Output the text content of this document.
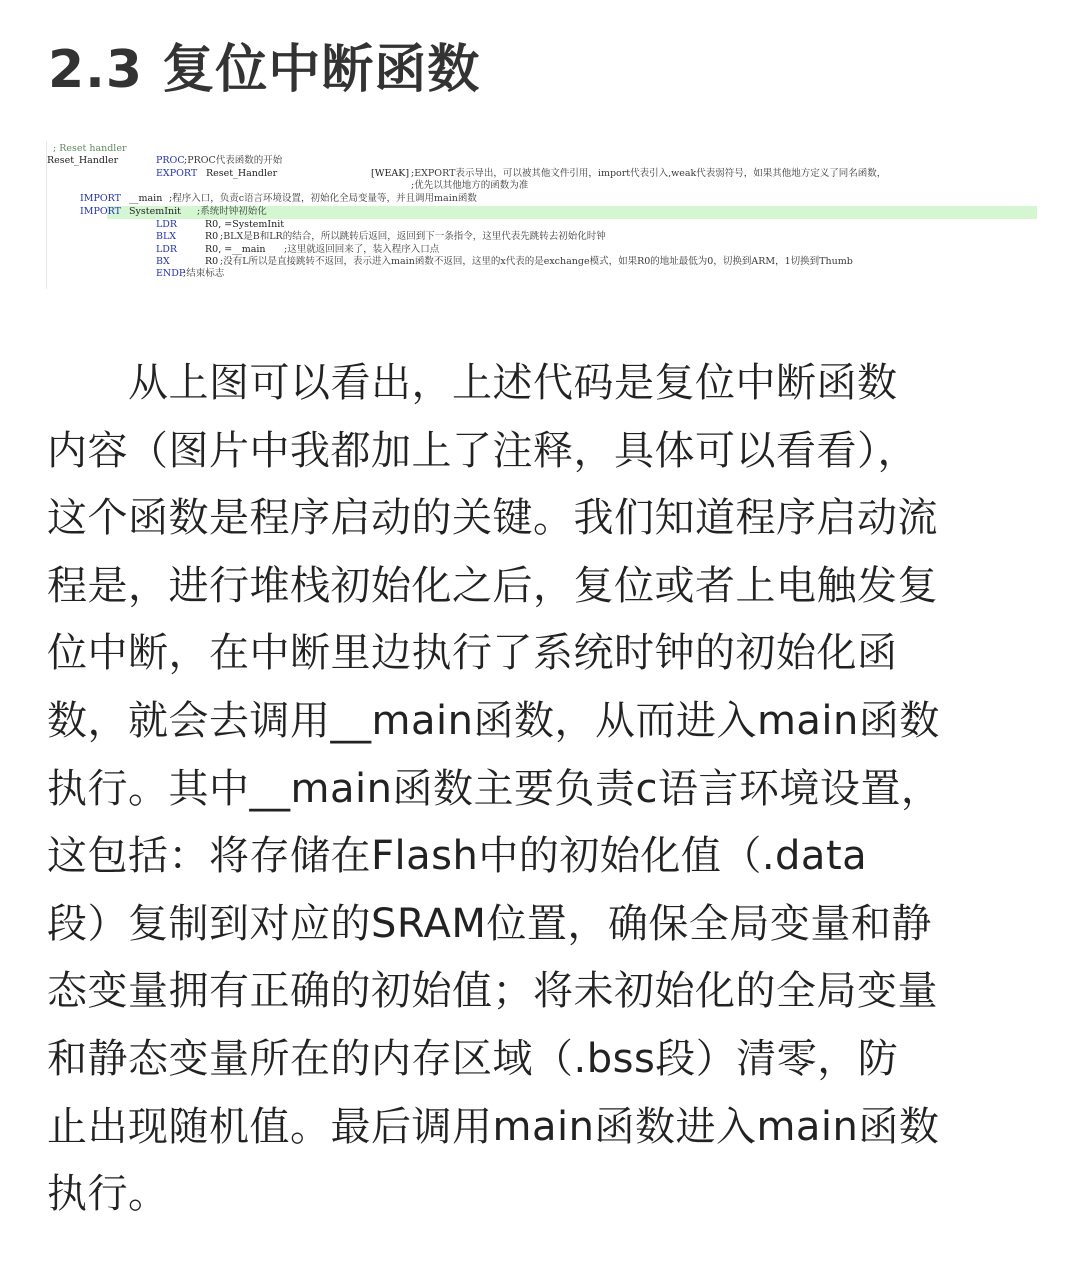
2.3 复位中断函数
; Reset handler
Reset_Handler	PROC ;PROC代表函数的开始
EXPORT Reset_Handler	[WEAK] ;EXPORT表示导出，可以被其他文件引用，import代表引入,weak代表弱符号，如果其他地方定义了同名函数，
;优先以其他地方的函数为准
IMPORT __main ;程序入口，负责c语言环境设置，初始化全局变量等，并且调用main函数
IMPORT SystemInit ;系统时钟初始化
LDR	R0, =SystemInit
BLX	R0 ;BLX是B和LR的结合，所以跳转后返回，返回到下一条指令，这里代表先跳转去初始化时钟
LDR	R0, =__main ;这里就返回回来了，装入程序入口点
BX	R0 ;没有L所以是直接跳转不返回，表示进入main函数不返回，这里的x代表的是exchange模式，如果R0的地址最低为0，切换到ARM，1切换到Thumb
ENDP
;结束标志
　　从上图可以看出，上述代码是复位中断函数
内容（图片中我都加上了注释，具体可以看看），
这个函数是程序启动的关键。我们知道程序启动流
程是，进行堆栈初始化之后，复位或者上电触发复
位中断，在中断里边执行了系统时钟的初始化函
数，就会去调用__main函数，从而进入main函数
执行。其中__main函数主要负责c语言环境设置，
这包括：将存储在Flash中的初始化值（.data
段）复制到对应的SRAM位置，确保全局变量和静
态变量拥有正确的初始值；将未初始化的全局变量
和静态变量所在的内存区域（.bss段）清零，防
止出现随机值。最后调用main函数进入main函数
执行。
